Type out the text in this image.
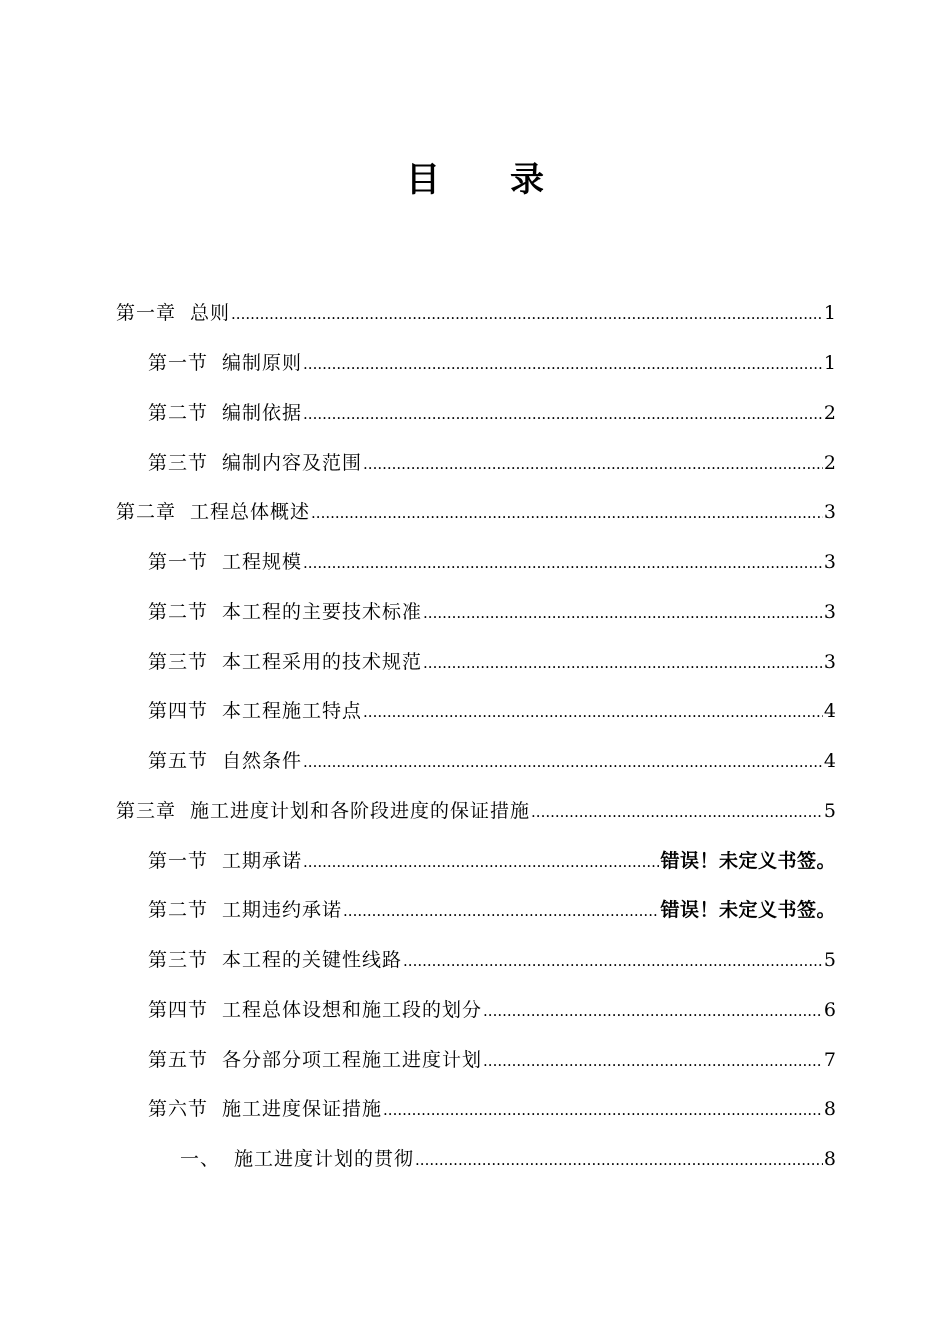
目 录
第一章 总则 .....	1
第一节 编制原则 .....	1
第二节 编制依据 .....	2
第三节 编制内容及范围 .....	2
第二章 工程总体概述 .....	3
第一节 工程规模 .....	3
第二节 本工程的主要技术标准 .....	3
第三节 本工程采用的技术规范 .....	3
第四节 本工程施工特点 .....	4
第五节 自然条件 .....	4
第三章 施工进度计划和各阶段进度的保证措施 .....	5
第一节 工期承诺 .....	错误！未定义书签。
第二节 工期违约承诺 .....	错误！未定义书签。
第三节 本工程的关键性线路 .....	5
第四节 工程总体设想和施工段的划分 .....	6
第五节 各分部分项工程施工进度计划 .....	7
第六节 施工进度保证措施 .....	8
一、 施工进度计划的贯彻 .....	8
